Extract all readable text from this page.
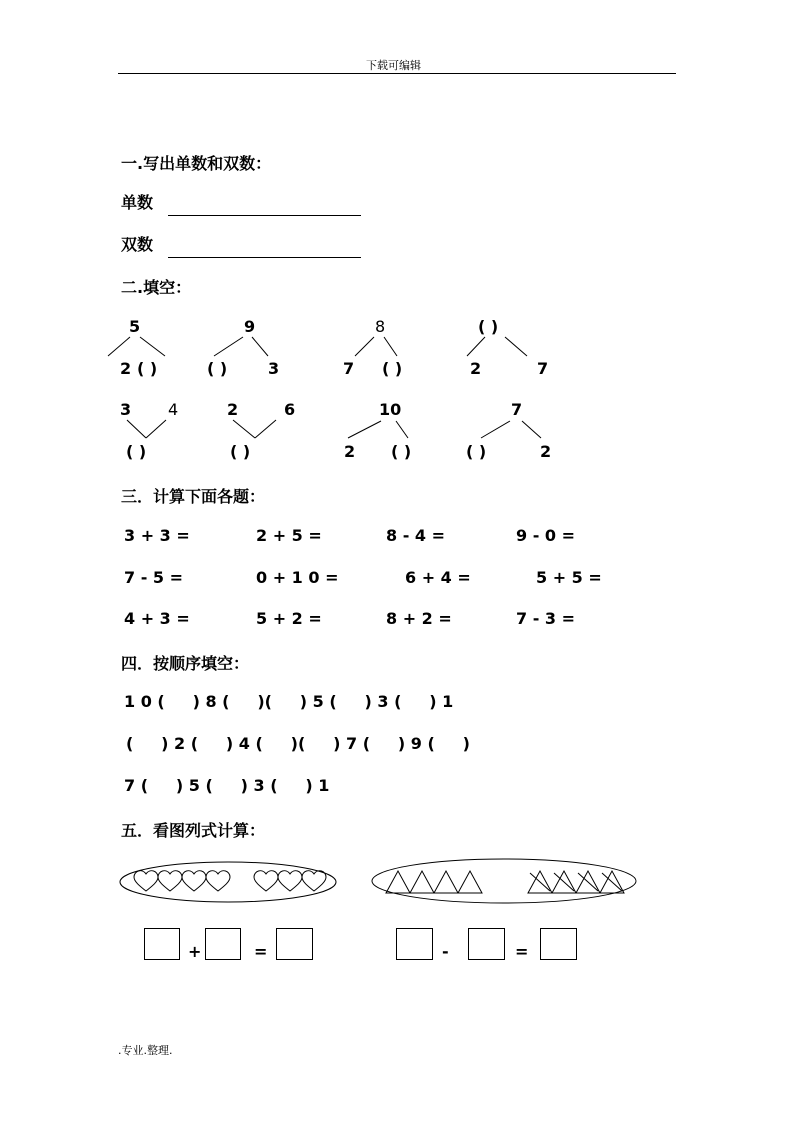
下载可编辑
一.写出单数和双数：
单数
双数
二.填空：
5
2 ( )
9
( )	3
8
7 ( )
( )
2	7
3 4
( )
2	6
( )
10
2 ( )
7
( )	2
三．计算下面各题：
3 + 3 =	2 + 5 =	8 - 4 =	9 - 0 =
7 - 5 =	0 + 1 0 =	6 + 4 =	5 + 5 =
4 + 3 =	5 + 2 =	8 + 2 =	7 - 3 =
四．按顺序填空：
1 0 (     ) 8 (     )(     ) 5 (     ) 3 (     ) 1
(     ) 2 (     ) 4 (     )(     ) 7 (     ) 9 (     )
7 (     ) 5 (     ) 3 (     ) 1
五．看图列式计算：
+	=	-	=
.专业.整理.
